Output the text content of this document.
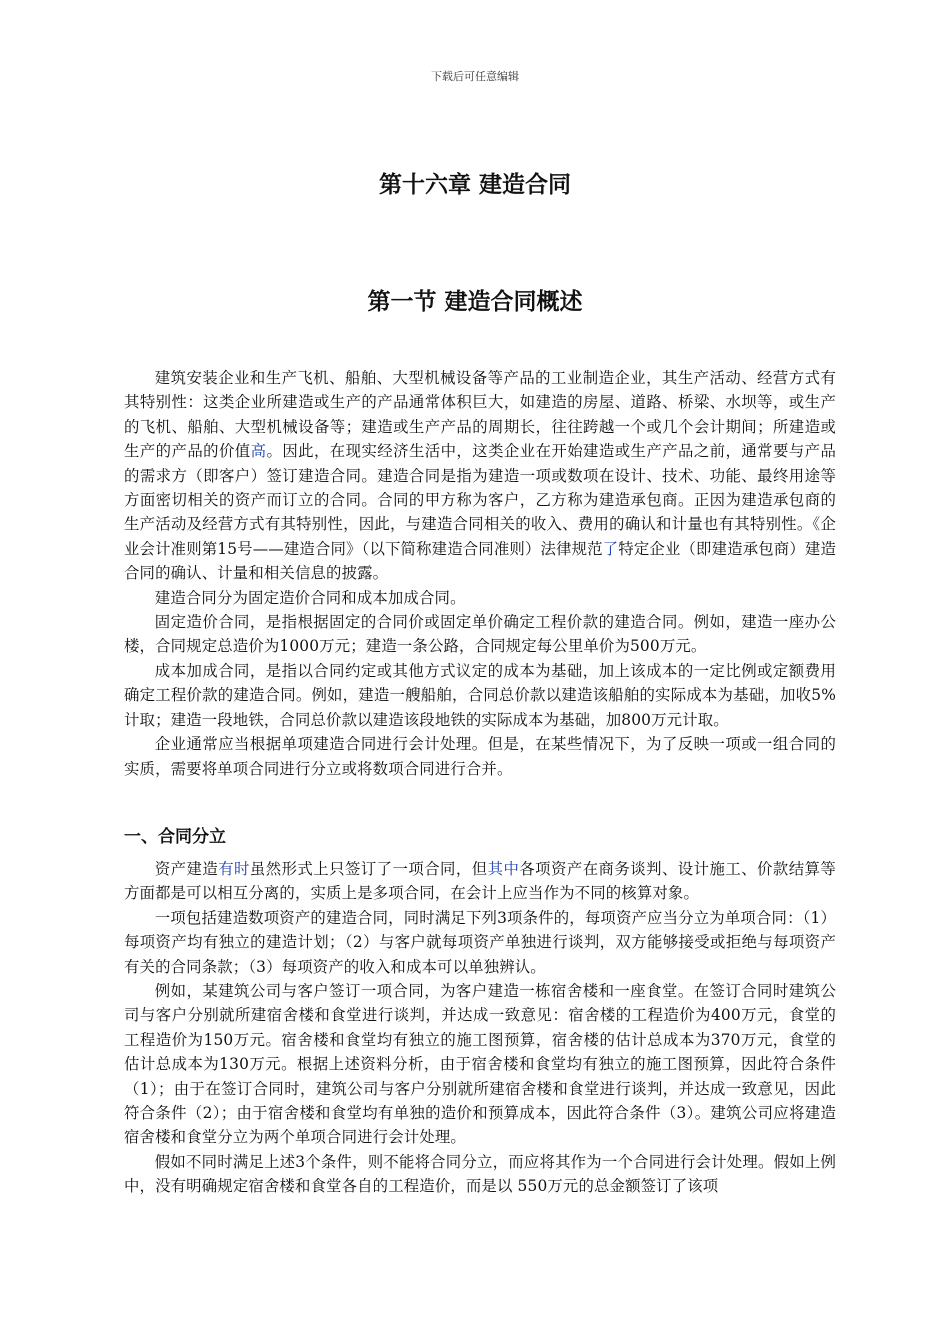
下载后可任意编辑
第十六章 建造合同
第一节 建造合同概述

建筑安装企业和生产飞机、船舶、大型机械设备等产品的工业制造企业，其生产活动、经营方式有其特别性：这类企业所建造或生产的产品通常体积巨大，如建造的房屋、道路、桥梁、水坝等，或生产的飞机、船舶、大型机械设备等；建造或生产产品的周期长，往往跨越一个或几个会计期间；所建造或生产的产品的价值高。因此，在现实经济生活中，这类企业在开始建造或生产产品之前，通常要与产品的需求方（即客户）签订建造合同。建造合同是指为建造一项或数项在设计、技术、功能、最终用途等方面密切相关的资产而订立的合同。合同的甲方称为客户，乙方称为建造承包商。正因为建造承包商的生产活动及经营方式有其特别性，因此，与建造合同相关的收入、费用的确认和计量也有其特别性。《企业会计准则第15号——建造合同》（以下简称建造合同准则）法律规范了特定企业（即建造承包商）建造合同的确认、计量和相关信息的披露。

建造合同分为固定造价合同和成本加成合同。

固定造价合同，是指根据固定的合同价或固定单价确定工程价款的建造合同。例如，建造一座办公楼，合同规定总造价为1000万元；建造一条公路，合同规定每公里单价为500万元。

成本加成合同，是指以合同约定或其他方式议定的成本为基础，加上该成本的一定比例或定额费用确定工程价款的建造合同。例如，建造一艘船舶，合同总价款以建造该船舶的实际成本为基础，加收5%计取；建造一段地铁，合同总价款以建造该段地铁的实际成本为基础，加800万元计取。

企业通常应当根据单项建造合同进行会计处理。但是，在某些情况下，为了反映一项或一组合同的实质，需要将单项合同进行分立或将数项合同进行合并。

一、合同分立

资产建造有时虽然形式上只签订了一项合同，但其中各项资产在商务谈判、设计施工、价款结算等方面都是可以相互分离的，实质上是多项合同，在会计上应当作为不同的核算对象。

一项包括建造数项资产的建造合同，同时满足下列3项条件的，每项资产应当分立为单项合同：（1）每项资产均有独立的建造计划；（2）与客户就每项资产单独进行谈判，双方能够接受或拒绝与每项资产有关的合同条款；（3）每项资产的收入和成本可以单独辨认。

例如，某建筑公司与客户签订一项合同，为客户建造一栋宿舍楼和一座食堂。在签订合同时建筑公司与客户分别就所建宿舍楼和食堂进行谈判，并达成一致意见：宿舍楼的工程造价为400万元，食堂的工程造价为150万元。宿舍楼和食堂均有独立的施工图预算，宿舍楼的估计总成本为370万元，食堂的估计总成本为130万元。根据上述资料分析，由于宿舍楼和食堂均有独立的施工图预算，因此符合条件（1）；由于在签订合同时，建筑公司与客户分别就所建宿舍楼和食堂进行谈判，并达成一致意见，因此符合条件（2）；由于宿舍楼和食堂均有单独的造价和预算成本，因此符合条件（3）。建筑公司应将建造宿舍楼和食堂分立为两个单项合同进行会计处理。

假如不同时满足上述3个条件，则不能将合同分立，而应将其作为一个合同进行会计处理。假如上例中，没有明确规定宿舍楼和食堂各自的工程造价，而是以 550万元的总金额签订了该项
